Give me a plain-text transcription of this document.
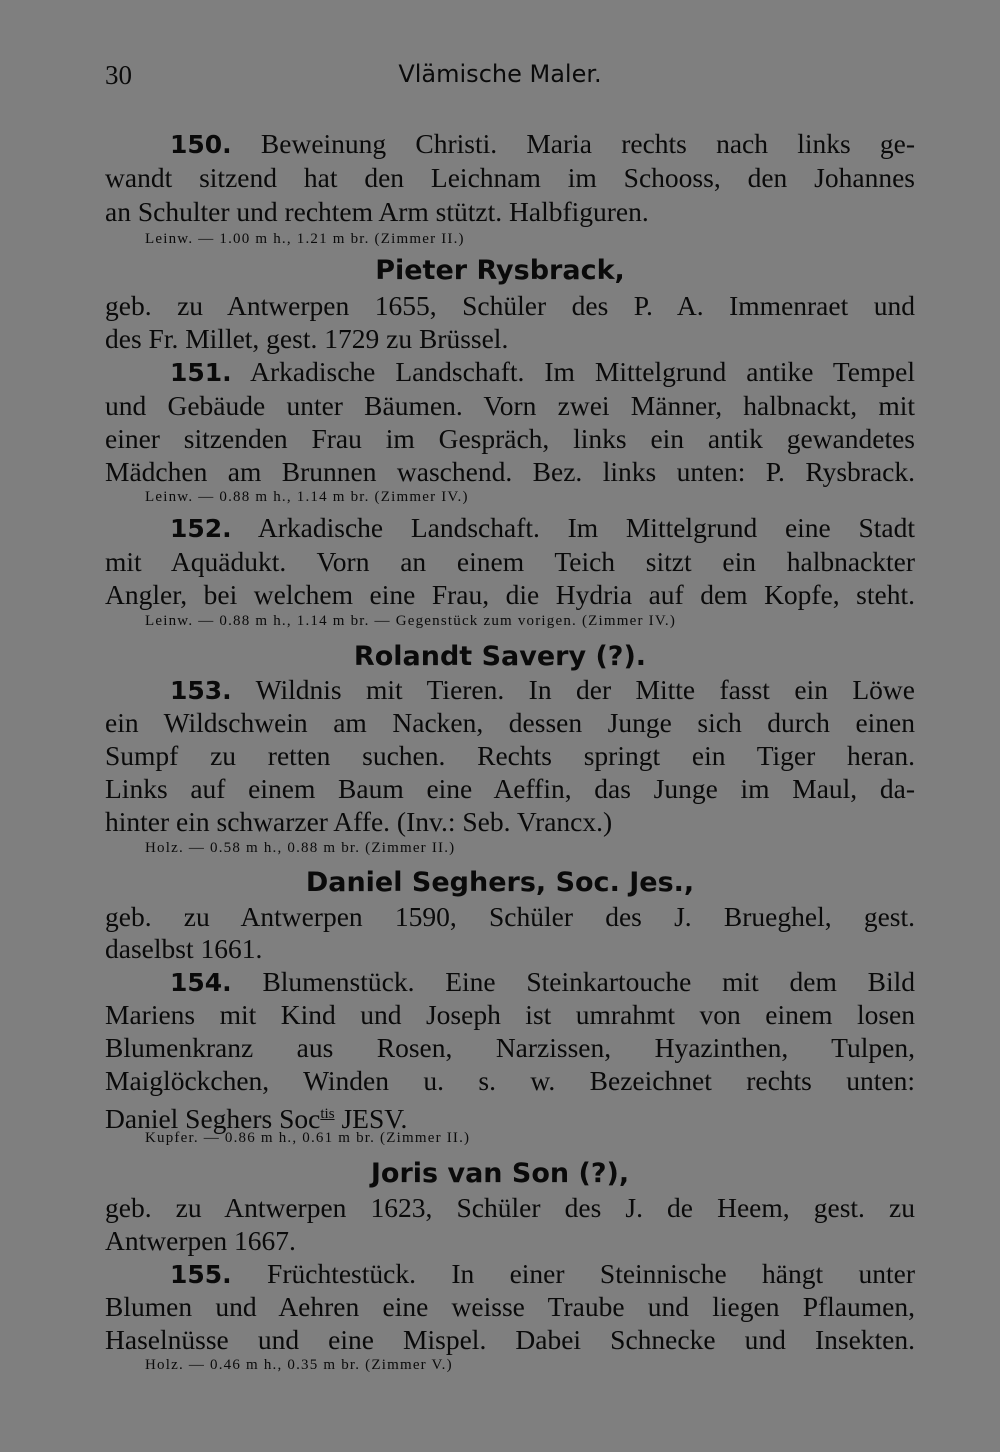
30	Vlämische Maler.
150. Beweinung Christi. Maria rechts nach links ge-
wandt sitzend hat den Leichnam im Schooss, den Johannes
an Schulter und rechtem Arm stützt. Halbfiguren.
Leinw. — 1.00 m h., 1.21 m br. (Zimmer II.)
Pieter Rysbrack,
geb. zu Antwerpen 1655, Schüler des P. A. Immenraet und
des Fr. Millet, gest. 1729 zu Brüssel.
151. Arkadische Landschaft. Im Mittelgrund antike Tempel
und Gebäude unter Bäumen. Vorn zwei Männer, halbnackt, mit
einer sitzenden Frau im Gespräch, links ein antik gewandetes
Mädchen am Brunnen waschend. Bez. links unten: P. Rysbrack.
Leinw. — 0.88 m h., 1.14 m br. (Zimmer IV.)
152. Arkadische Landschaft. Im Mittelgrund eine Stadt
mit Aquädukt. Vorn an einem Teich sitzt ein halbnackter
Angler, bei welchem eine Frau, die Hydria auf dem Kopfe, steht.
Leinw. — 0.88 m h., 1.14 m br. — Gegenstück zum vorigen. (Zimmer IV.)
Rolandt Savery (?).
153. Wildnis mit Tieren. In der Mitte fasst ein Löwe
ein Wildschwein am Nacken, dessen Junge sich durch einen
Sumpf zu retten suchen. Rechts springt ein Tiger heran.
Links auf einem Baum eine Aeffin, das Junge im Maul, da-
hinter ein schwarzer Affe. (Inv.: Seb. Vrancx.)
Holz. — 0.58 m h., 0.88 m br. (Zimmer II.)
Daniel Seghers, Soc. Jes.,
geb. zu Antwerpen 1590, Schüler des J. Brueghel, gest.
daselbst 1661.
154. Blumenstück. Eine Steinkartouche mit dem Bild
Mariens mit Kind und Joseph ist umrahmt von einem losen
Blumenkranz aus Rosen, Narzissen, Hyazinthen, Tulpen,
Maiglöckchen, Winden u. s. w. Bezeichnet rechts unten:
Daniel Seghers Soc$^{tis}$ JESV.
Kupfer. — 0.86 m h., 0.61 m br. (Zimmer II.)
Joris van Son (?),
geb. zu Antwerpen 1623, Schüler des J. de Heem, gest. zu
Antwerpen 1667.
155. Früchtestück. In einer Steinnische hängt unter
Blumen und Aehren eine weisse Traube und liegen Pflaumen,
Haselnüsse und eine Mispel. Dabei Schnecke und Insekten.
Holz. — 0.46 m h., 0.35 m br. (Zimmer V.)
